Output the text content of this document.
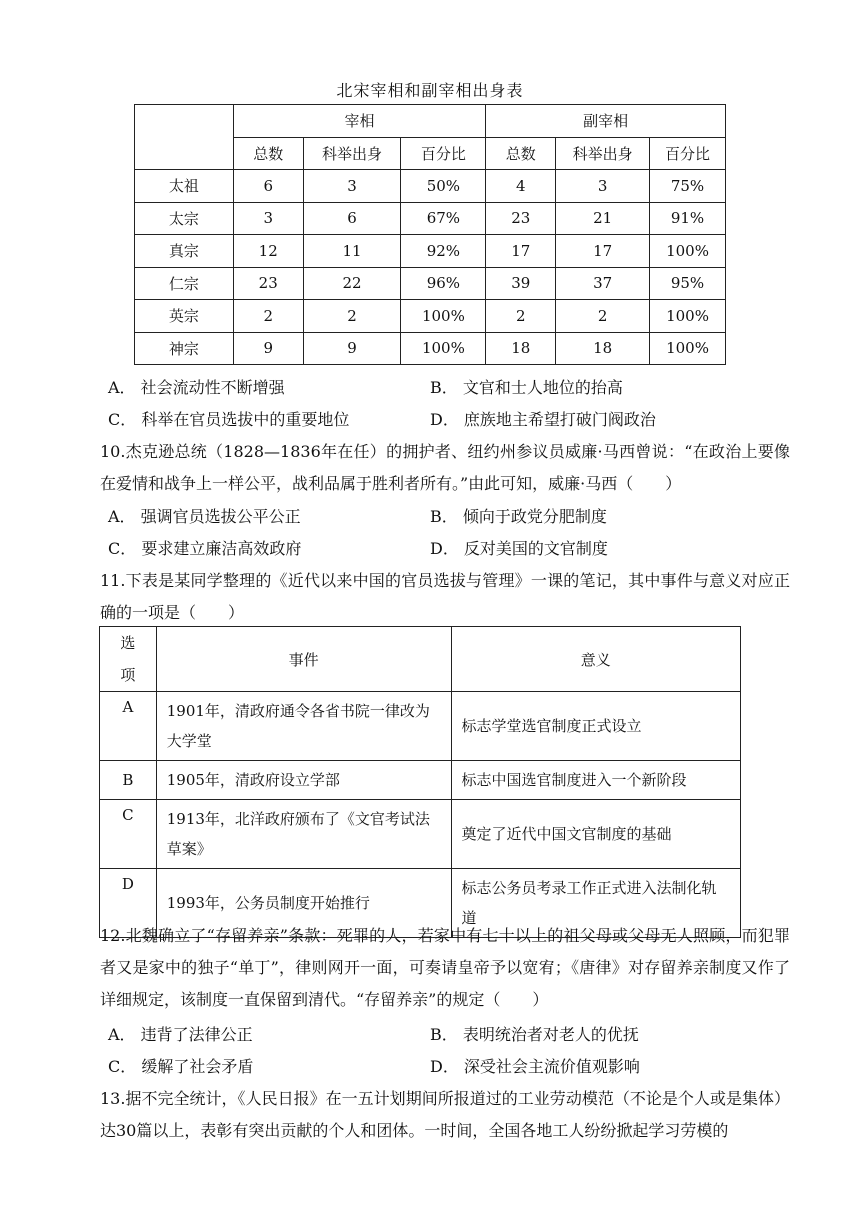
北宋宰相和副宰相出身表
	宰相			副宰相		
	总数	科举出身	百分比	总数	科举出身	百分比
太祖	6	3	50%	4	3	75%
太宗	3	6	67%	23	21	91%
真宗	12	11	92%	17	17	100%
仁宗	23	22	96%	39	37	95%
英宗	2	2	100%	2	2	100%
神宗	9	9	100%	18	18	100%
A． 社会流动性不断增强	B． 文官和士人地位的抬高
C． 科举在官员选拔中的重要地位	D． 庶族地主希望打破门阀政治
10.杰克逊总统（1828—1836年在任）的拥护者、纽约州参议员威廉·马西曾说：“在政治上要像在爱情和战争上一样公平，战利品属于胜利者所有。”由此可知，威廉·马西（　　）
A． 强调官员选拔公平公正	B． 倾向于政党分肥制度
C． 要求建立廉洁高效政府	D． 反对美国的文官制度
11.下表是某同学整理的《近代以来中国的官员选拔与管理》一课的笔记，其中事件与意义对应正确的一项是（　　）
选项	事件	意义
A	1901年，清政府通令各省书院一律改为大学堂	标志学堂选官制度正式设立
B	1905年，清政府设立学部	标志中国选官制度进入一个新阶段
C	1913年，北洋政府颁布了《文官考试法草案》	奠定了近代中国文官制度的基础
D	1993年，公务员制度开始推行	标志公务员考录工作正式进入法制化轨道
12.北魏确立了“存留养亲”条款：死罪的人，若家中有七十以上的祖父母或父母无人照顾，而犯罪者又是家中的独子“单丁”，律则网开一面，可奏请皇帝予以宽宥；《唐律》对存留养亲制度又作了详细规定，该制度一直保留到清代。“存留养亲”的规定（　　）
A． 违背了法律公正	B． 表明统治者对老人的优抚
C． 缓解了社会矛盾	D． 深受社会主流价值观影响
13.据不完全统计，《人民日报》在一五计划期间所报道过的工业劳动模范（不论是个人或是集体）达30篇以上，表彰有突出贡献的个人和团体。一时间，全国各地工人纷纷掀起学习劳模的
